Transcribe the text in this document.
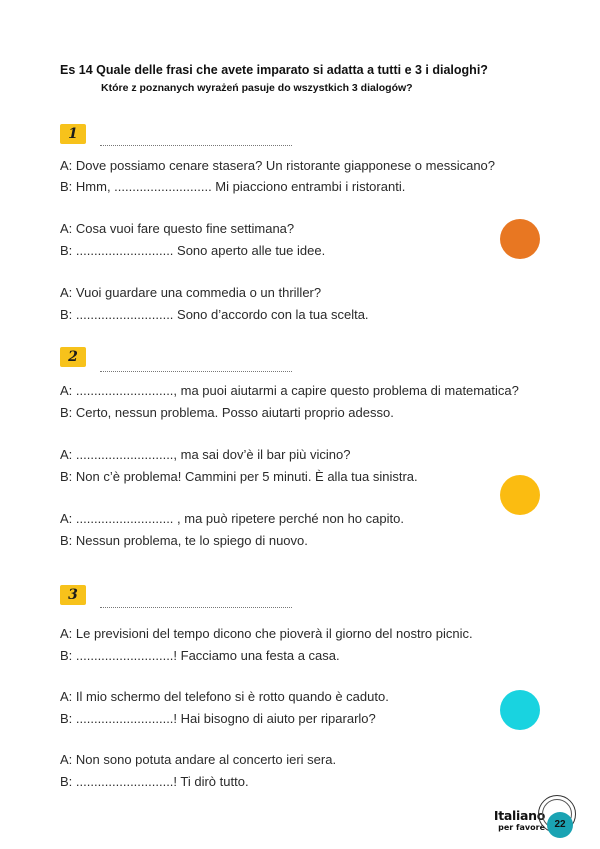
Es 14 Quale delle frasi che avete imparato si adatta a tutti e 3 i dialoghi?
Które z poznanych wyrażeń pasuje do wszystkich 3 dialogów?
1
A: Dove possiamo cenare stasera? Un ristorante giapponese o messicano?
B: Hmm, ........................... Mi piacciono entrambi i ristoranti.
A: Cosa vuoi fare questo fine settimana?
B: ........................... Sono aperto alle tue idee.
A: Vuoi guardare una commedia o un thriller?
B: ........................... Sono d’accordo con la tua scelta.
2
A: ..........................., ma puoi aiutarmi a capire questo problema di matematica?
B: Certo, nessun problema. Posso aiutarti proprio adesso.
A: ..........................., ma sai dov’è il bar più vicino?
B: Non c’è problema! Cammini per 5 minuti. È alla tua sinistra.
A: ........................... , ma può ripetere perché non ho capito.
B: Nessun problema, te lo spiego di nuovo.
3
A: Le previsioni del tempo dicono che pioverà il giorno del nostro picnic.
B: ...........................! Facciamo una festa a casa.
A: Il mio schermo del telefono si è rotto quando è caduto.
B: ...........................! Hai bisogno di aiuto per ripararlo?
A: Non sono potuta andare al concerto ieri sera.
B: ...........................! Ti dirò tutto.
Italiano
per favore 22
